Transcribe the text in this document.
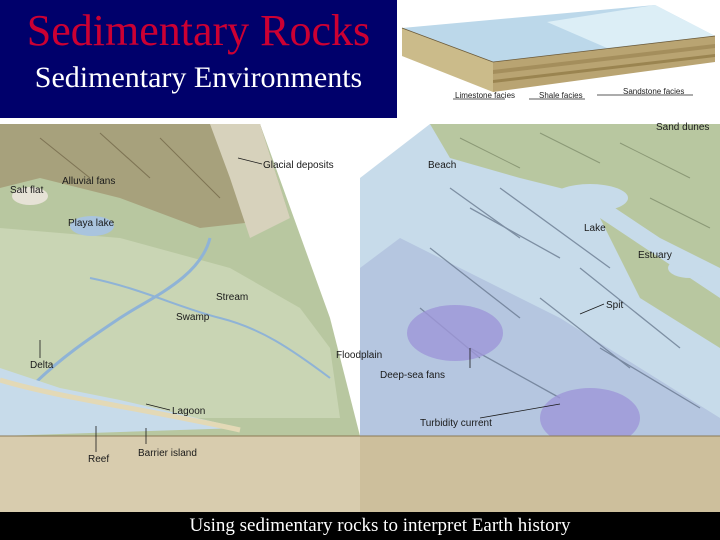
Sedimentary Rocks
Sedimentary Environments
Limestone facies	Shale facies	Sandstone facies
Sand dunes
Glacial deposits
Alluvial fans
Salt flat
Playa lake
Beach
Lake
Estuary
Stream
Swamp
Spit
Floodplain
Deep-sea fans
Delta
Lagoon
Turbidity current
Reef
Barrier island
Using sedimentary rocks to interpret Earth history
